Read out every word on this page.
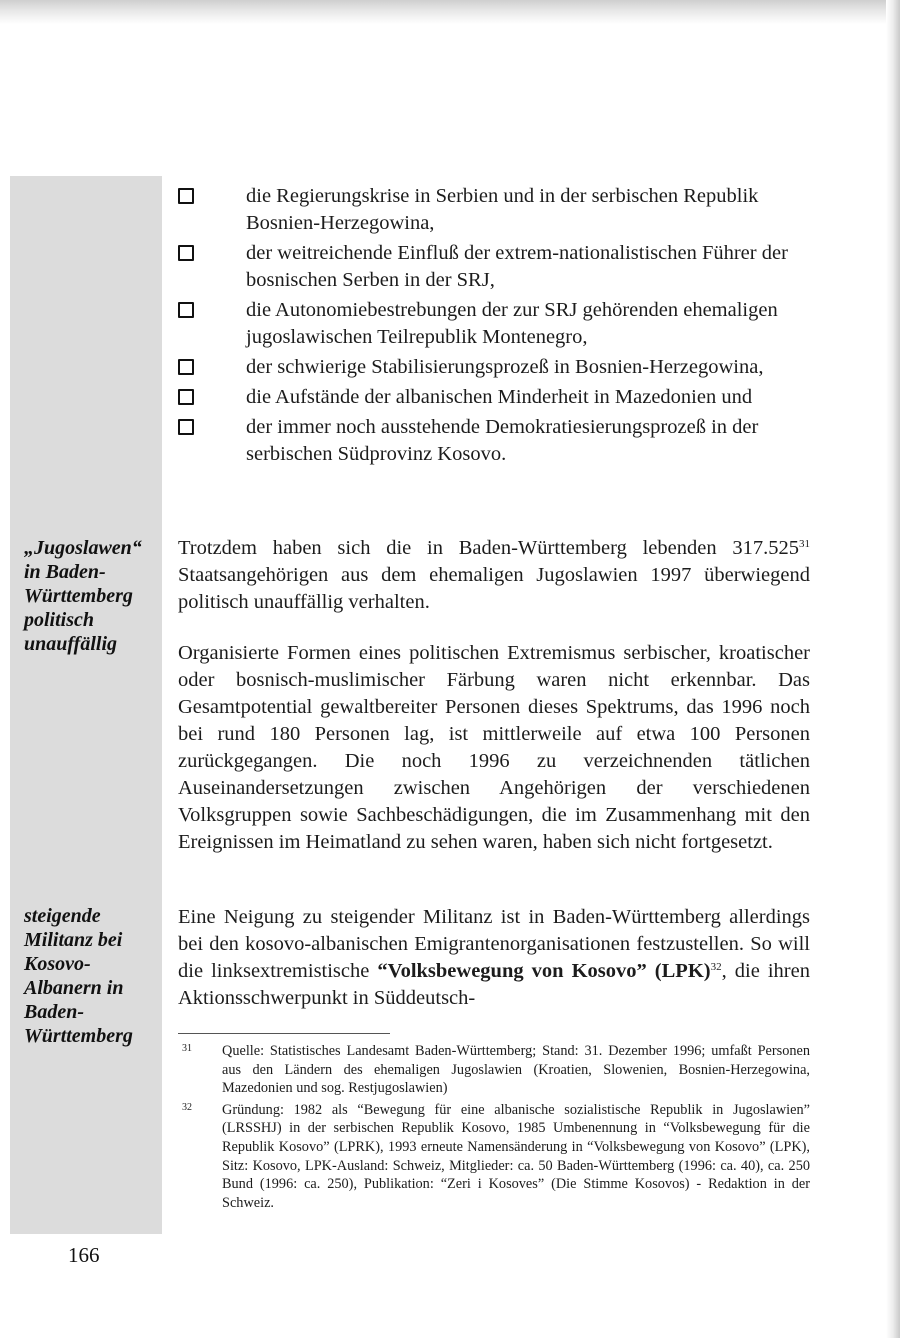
„Jugoslawen“
in Baden-
Württemberg
politisch
unauffällig
steigende
Militanz bei
Kosovo-
Albanern in
Baden-
Württemberg
166
die Regierungskrise in Serbien und in der serbischen Republik Bosnien-Herzegowina,
der weitreichende Einfluß der extrem-nationalistischen Führer der bosnischen Serben in der SRJ,
die Autonomiebestrebungen der zur SRJ gehörenden ehemaligen jugoslawischen Teilrepublik Montenegro,
der schwierige Stabilisierungsprozeß in Bosnien-Herzegowina,
die Aufstände der albanischen Minderheit in Mazedonien und
der immer noch ausstehende Demokratiesierungsprozeß in der serbischen Südprovinz Kosovo.

Trotzdem haben sich die in Baden-Württemberg lebenden 317.525$^{31}$ Staatsangehörigen aus dem ehemaligen Jugoslawien 1997 überwiegend politisch unauffällig verhalten.

Organisierte Formen eines politischen Extremismus serbischer, kroatischer oder bosnisch-muslimischer Färbung waren nicht erkennbar. Das Gesamtpotential gewaltbereiter Personen dieses Spektrums, das 1996 noch bei rund 180 Personen lag, ist mittlerweile auf etwa 100 Personen zurückgegangen. Die noch 1996 zu verzeichnenden tätlichen Auseinandersetzungen zwischen Angehörigen der verschiedenen Volksgruppen sowie Sachbeschädigungen, die im Zusammenhang mit den Ereignissen im Heimatland zu sehen waren, haben sich nicht fortgesetzt.

Eine Neigung zu steigender Militanz ist in Baden-Württemberg allerdings bei den kosovo-albanischen Emigrantenorganisationen festzustellen. So will die linksextremistische “Volksbewegung von Kosovo” (LPK)$^{32}$, die ihren Aktionsschwerpunkt in Süddeutsch-

31 Quelle: Statistisches Landesamt Baden-Württemberg; Stand: 31. Dezember 1996; umfaßt Personen aus den Ländern des ehemaligen Jugoslawien (Kroatien, Slowenien, Bosnien-Herzegowina, Mazedonien und sog. Restjugoslawien)
32 Gründung: 1982 als “Bewegung für eine albanische sozialistische Republik in Jugoslawien” (LRSSHJ) in der serbischen Republik Kosovo, 1985 Umbenennung in “Volksbewegung für die Republik Kosovo” (LPRK), 1993 erneute Namensänderung in “Volksbewegung von Kosovo” (LPK), Sitz: Kosovo, LPK-Ausland: Schweiz, Mitglieder: ca. 50 Baden-Württemberg (1996: ca. 40), ca. 250 Bund (1996: ca. 250), Publikation: “Zeri i Kosoves” (Die Stimme Kosovos) - Redaktion in der Schweiz.
